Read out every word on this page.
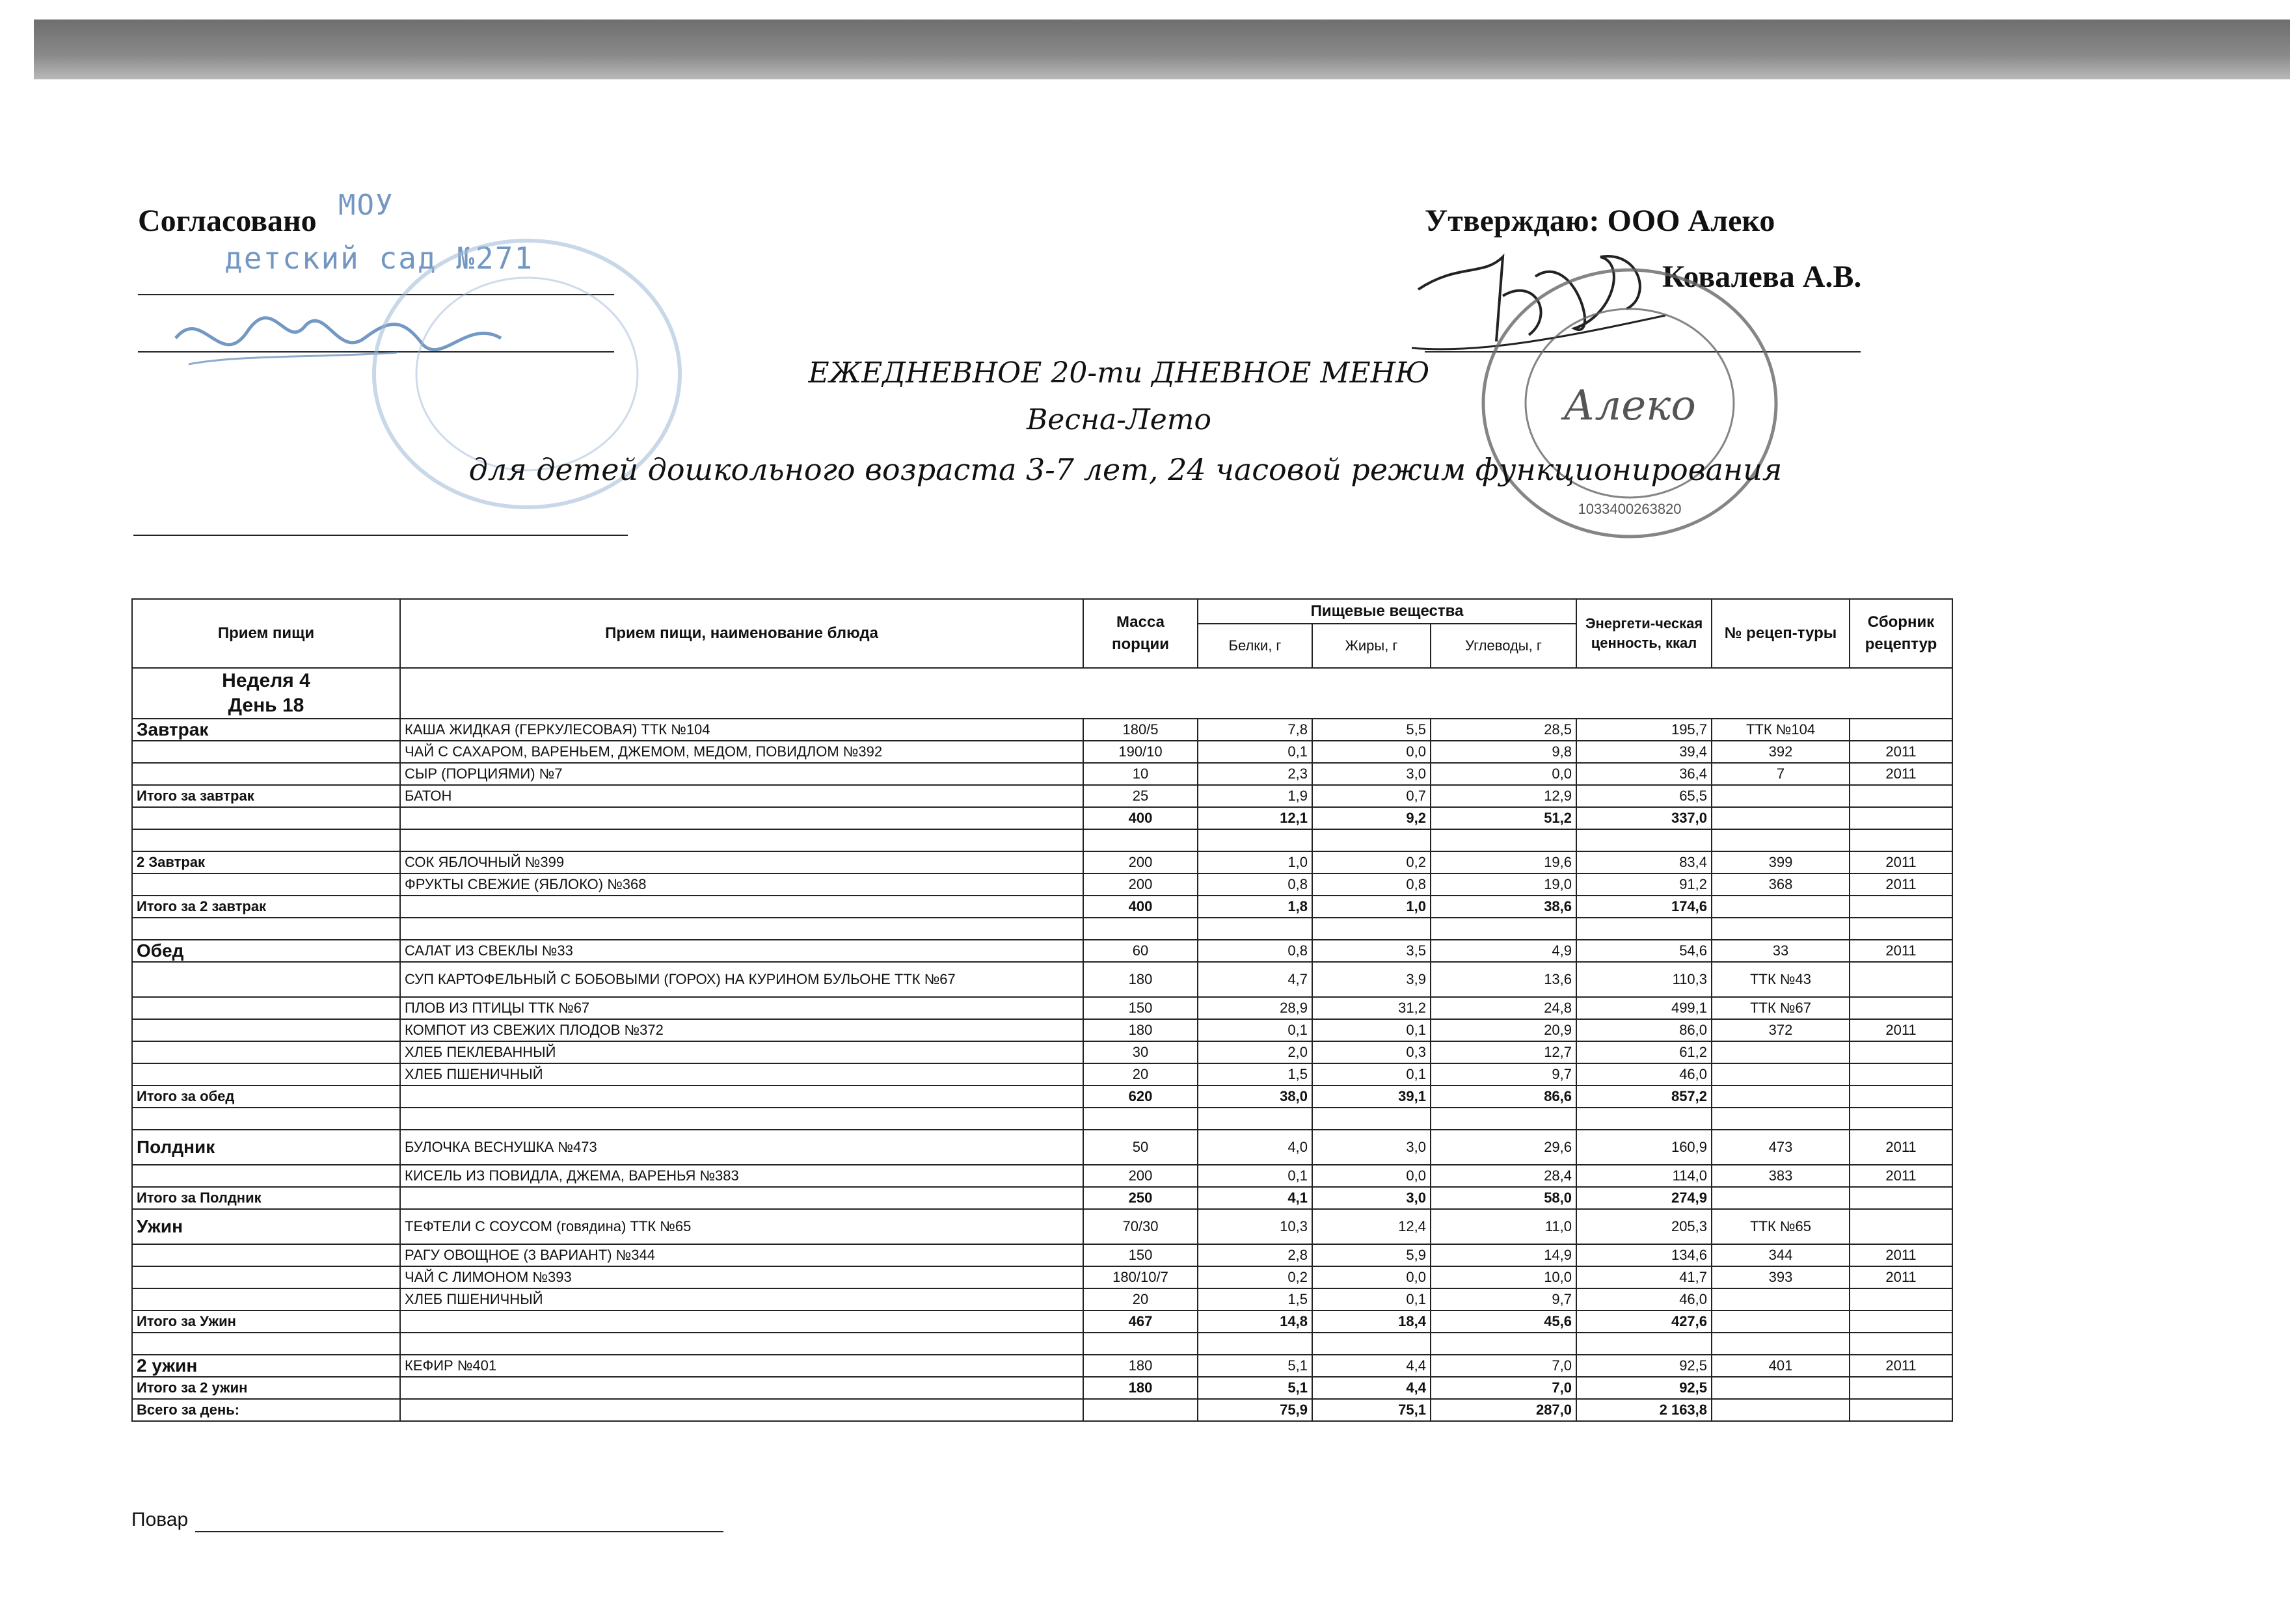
Согласовано МОУ
детский сад №271
Утверждаю: ООО Алеко
Ковалева А.В.
Алеко
1033400263820
ЕЖЕДНЕВНОЕ 20-ти ДНЕВНОЕ МЕНЮ
Весна-Лето
для детей дошкольного возраста 3-7 лет, 24 часовой режим функционирования
Прием пищи	Прием пищи, наименование блюда	Масса порции	Пищевые вещества			Энергети-ческая ценность, ккал	№ рецеп-туры	Сборник рецептур
			Белки, г	Жиры, г	Углеводы, г			

Неделя 4
День 18								

Завтрак	КАША ЖИДКАЯ (ГЕРКУЛЕСОВАЯ) ТТК №104	180/5	7,8	5,5	28,5	195,7	ТТК №104	
	ЧАЙ С САХАРОМ, ВАРЕНЬЕМ, ДЖЕМОМ, МЕДОМ, ПОВИДЛОМ №392	190/10	0,1	0,0	9,8	39,4	392	2011
	СЫР (ПОРЦИЯМИ) №7	10	2,3	3,0	0,0	36,4	7	2011
Итого за завтрак	БАТОН	25	1,9	0,7	12,9	65,5		
		400	12,1	9,2	51,2	337,0		

2 Завтрак	СОК ЯБЛОЧНЫЙ №399	200	1,0	0,2	19,6	83,4	399	2011
	ФРУКТЫ СВЕЖИЕ (ЯБЛОКО) №368	200	0,8	0,8	19,0	91,2	368	2011
Итого за 2 завтрак		400	1,8	1,0	38,6	174,6		

Обед	САЛАТ ИЗ СВЕКЛЫ №33	60	0,8	3,5	4,9	54,6	33	2011
	СУП КАРТОФЕЛЬНЫЙ С БОБОВЫМИ (ГОРОХ) НА КУРИНОМ БУЛЬОНЕ ТТК №67	180	4,7	3,9	13,6	110,3	ТТК №43	
	ПЛОВ ИЗ ПТИЦЫ ТТК №67	150	28,9	31,2	24,8	499,1	ТТК №67	
	КОМПОТ ИЗ СВЕЖИХ ПЛОДОВ №372	180	0,1	0,1	20,9	86,0	372	2011
	ХЛЕБ ПЕКЛЕВАННЫЙ	30	2,0	0,3	12,7	61,2		
	ХЛЕБ ПШЕНИЧНЫЙ	20	1,5	0,1	9,7	46,0		
Итого за обед		620	38,0	39,1	86,6	857,2		

Полдник	БУЛОЧКА ВЕСНУШКА №473	50	4,0	3,0	29,6	160,9	473	2011
	КИСЕЛЬ ИЗ ПОВИДЛА, ДЖЕМА, ВАРЕНЬЯ №383	200	0,1	0,0	28,4	114,0	383	2011
Итого за Полдник		250	4,1	3,0	58,0	274,9		
Ужин	ТЕФТЕЛИ С СОУСОМ (говядина) ТТК №65	70/30	10,3	12,4	11,0	205,3	ТТК №65	
	РАГУ ОВОЩНОЕ (3 ВАРИАНТ) №344	150	2,8	5,9	14,9	134,6	344	2011
	ЧАЙ С ЛИМОНОМ №393	180/10/7	0,2	0,0	10,0	41,7	393	2011
	ХЛЕБ ПШЕНИЧНЫЙ	20	1,5	0,1	9,7	46,0		
Итого за Ужин		467	14,8	18,4	45,6	427,6		

2 ужин	КЕФИР №401	180	5,1	4,4	7,0	92,5	401	2011
Итого за 2 ужин		180	5,1	4,4	7,0	92,5		
Всего за день:			75,9	75,1	287,0	2 163,8		
Повар
